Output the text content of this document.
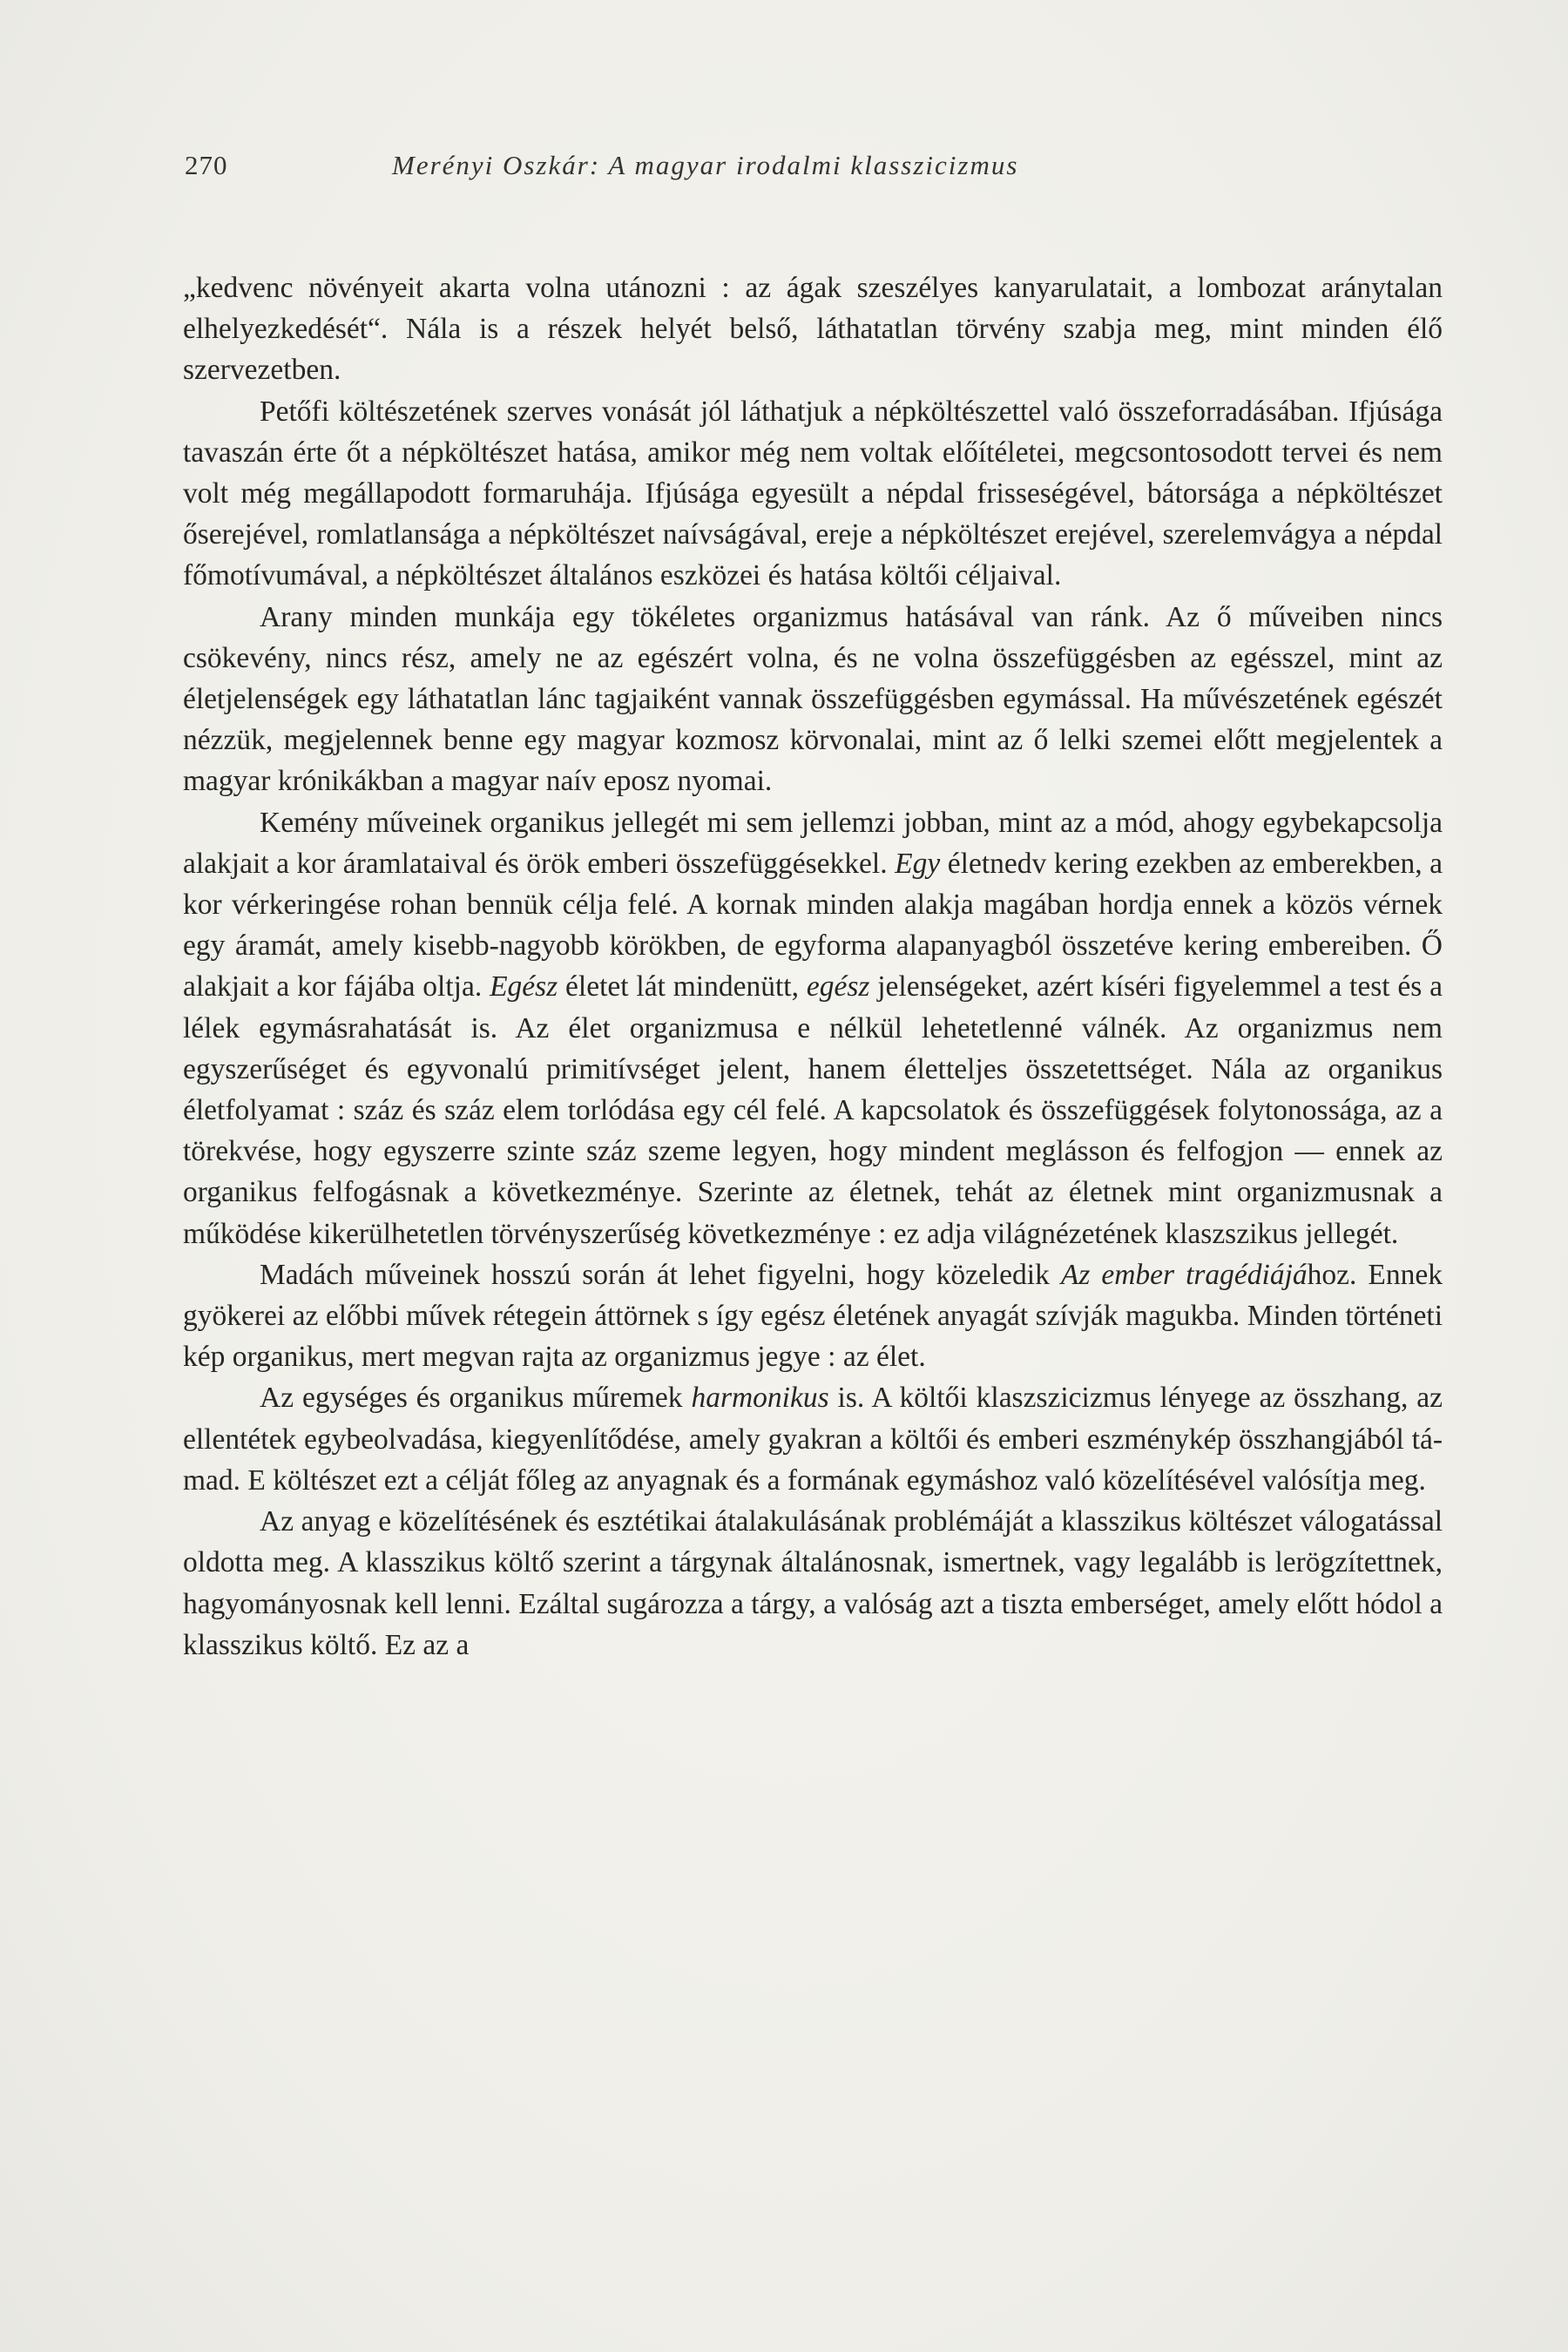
270	Merényi Oszkár: A magyar irodalmi klasszicizmus

„kedvenc növényeit akarta volna utánozni : az ágak szeszélyes kanyarulatait, a lombozat aránytalan elhelyezkedését“. Nála is a részek helyét belső, láthatatlan törvény szabja meg, mint minden élő szervezetben.

Petőfi költészetének szerves vonását jól láthatjuk a népköltészettel való összeforradásában. Ifjúsága tavaszán érte őt a népköltészet hatása, amikor még nem voltak előítéletei, megcsontosodott tervei és nem volt még megállapodott formaruhája. Ifjúsága egyesült a népdal frisseségével, bátorsága a népköltészet őserejével, romlatlansága a népköltészet naívságával, ereje a népköltészet erejével, szerelemvágya a népdal főmotívumával, a népköltészet általános eszközei és hatása költői céljaival.

Arany minden munkája egy tökéletes organizmus hatásával van ránk. Az ő műveiben nincs csökevény, nincs rész, amely ne az egészért volna, és ne volna összefüggésben az egésszel, mint az életjelenségek egy láthatatlan lánc tagjaiként vannak összefüggésben egymással. Ha művészetének egészét nézzük, megjelennek benne egy magyar kozmosz körvonalai, mint az ő lelki szemei előtt megjelentek a magyar krónikákban a magyar naív eposz nyomai.

Kemény műveinek organikus jellegét mi sem jellemzi jobban, mint az a mód, ahogy egybekapcsolja alakjait a kor áramlataival és örök emberi összefüggésekkel. Egy életnedv kering ezekben az emberekben, a kor vérkeringése rohan bennük célja felé. A kornak minden alakja magában hordja ennek a közös vérnek egy áramát, amely kisebb-nagyobb körökben, de egyforma alapanyagból összetéve kering embereiben. Ő alakjait a kor fájába oltja. Egész életet lát mindenütt, egész jelenségeket, azért kíséri figyelemmel a test és a lélek egymásrahatását is. Az élet organizmusa e nélkül lehetetlenné válnék. Az organizmus nem egyszerűséget és egyvonalú primitívséget jelent, hanem életteljes összetettséget. Nála az organikus életfolyamat : száz és száz elem torlódása egy cél felé. A kapcsolatok és összefüggések folytonossága, az a törekvése, hogy egyszerre szinte száz szeme legyen, hogy mindent meglásson és felfogjon — ennek az organikus felfogásnak a következménye. Szerinte az életnek, tehát az életnek mint organizmusnak a működése kikerülhetetlen törvényszerűség következménye : ez adja világnézetének klaszszikus jellegét.

Madách műveinek hosszú során át lehet figyelni, hogy közeledik Az ember tragédiájához. Ennek gyökerei az előbbi művek rétegein áttörnek s így egész életének anyagát szívják magukba. Minden történeti kép organikus, mert megvan rajta az organizmus jegye : az élet.

Az egységes és organikus műremek harmonikus is. A költői klaszszicizmus lényege az összhang, az ellentétek egybeolvadása, kiegyenlítődése, amely gyakran a költői és emberi eszménykép összhangjából támad. E költészet ezt a célját főleg az anyagnak és a formának egymáshoz való közelítésével valósítja meg.

Az anyag e közelítésének és esztétikai átalakulásának problémáját a klasszikus költészet válogatással oldotta meg. A klasszikus költő szerint a tárgynak általánosnak, ismertnek, vagy legalább is lerögzítettnek, hagyományosnak kell lenni. Ezáltal sugározza a tárgy, a valóság azt a tiszta emberséget, amely előtt hódol a klasszikus költő. Ez az a
